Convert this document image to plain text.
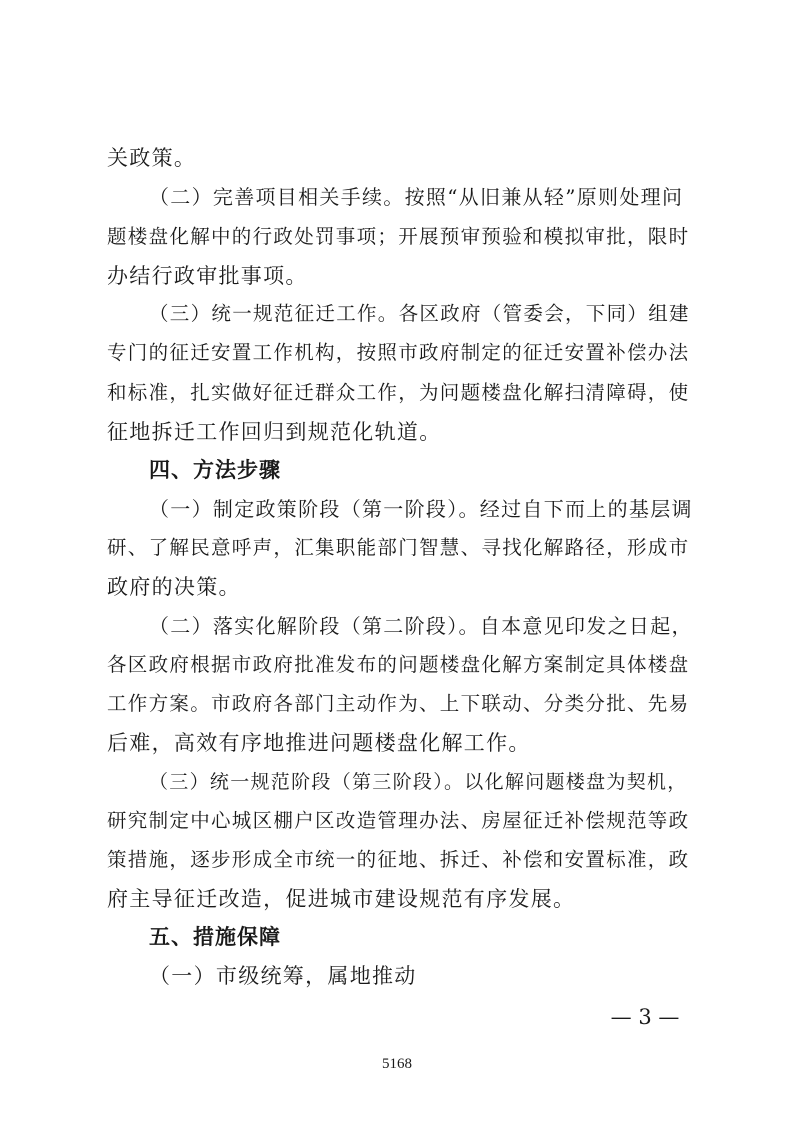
关政策。
（二）完善项目相关手续。按照“从旧兼从轻”原则处理问
题楼盘化解中的行政处罚事项；开展预审预验和模拟审批，限时
办结行政审批事项。
（三）统一规范征迁工作。各区政府（管委会，下同）组建
专门的征迁安置工作机构，按照市政府制定的征迁安置补偿办法
和标准，扎实做好征迁群众工作，为问题楼盘化解扫清障碍，使
征地拆迁工作回归到规范化轨道。
四、方法步骤
（一）制定政策阶段（第一阶段）。经过自下而上的基层调
研、了解民意呼声，汇集职能部门智慧、寻找化解路径，形成市
政府的决策。
（二）落实化解阶段（第二阶段）。自本意见印发之日起，
各区政府根据市政府批准发布的问题楼盘化解方案制定具体楼盘
工作方案。市政府各部门主动作为、上下联动、分类分批、先易
后难，高效有序地推进问题楼盘化解工作。
（三）统一规范阶段（第三阶段）。以化解问题楼盘为契机，
研究制定中心城区棚户区改造管理办法、房屋征迁补偿规范等政
策措施，逐步形成全市统一的征地、拆迁、补偿和安置标准，政
府主导征迁改造，促进城市建设规范有序发展。
五、措施保障
（一）市级统筹，属地推动
— 3 —
5168
